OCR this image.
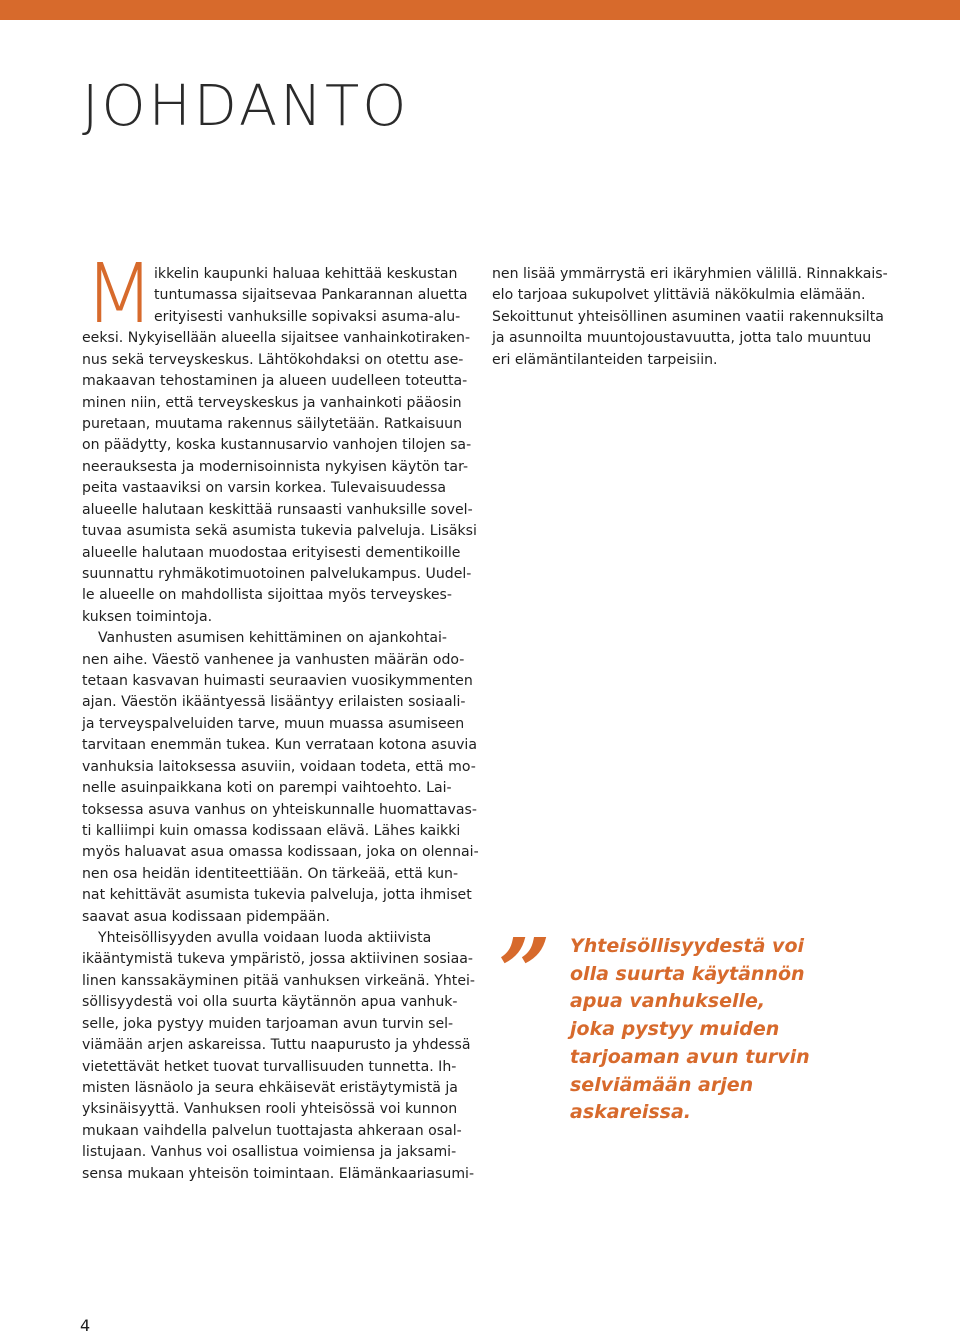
JOHDANTO
M ikkelin kaupunki haluaa kehittää keskustan
tuntumassa sijaitsevaa Pankarannan aluetta
erityisesti vanhuksille sopivaksi asuma-alu-
eeksi. Nykyisellään alueella sijaitsee vanhainkotiraken-
nus sekä terveyskeskus. Lähtökohdaksi on otettu ase-
makaavan tehostaminen ja alueen uudelleen toteutta-
minen niin, että terveyskeskus ja vanhainkoti pääosin
puretaan, muutama rakennus säilytetään. Ratkaisuun
on päädytty, koska kustannusarvio vanhojen tilojen sa-
neerauksesta ja modernisoinnista nykyisen käytön tar-
peita vastaaviksi on varsin korkea. Tulevaisuudessa
alueelle halutaan keskittää runsaasti vanhuksille sovel-
tuvaa asumista sekä asumista tukevia palveluja. Lisäksi
alueelle halutaan muodostaa erityisesti dementikoille
suunnattu ryhmäkotimuotoinen palvelukampus. Uudel-
le alueelle on mahdollista sijoittaa myös terveyskes-
kuksen toimintoja.
Vanhusten asumisen kehittäminen on ajankohtai-
nen aihe. Väestö vanhenee ja vanhusten määrän odo-
tetaan kasvavan huimasti seuraavien vuosikymmenten
ajan. Väestön ikääntyessä lisääntyy erilaisten sosiaali-
ja terveyspalveluiden tarve, muun muassa asumiseen
tarvitaan enemmän tukea. Kun verrataan kotona asuvia
vanhuksia laitoksessa asuviin, voidaan todeta, että mo-
nelle asuinpaikkana koti on parempi vaihtoehto. Lai-
toksessa asuva vanhus on yhteiskunnalle huomattavas-
ti kalliimpi kuin omassa kodissaan elävä. Lähes kaikki
myös haluavat asua omassa kodissaan, joka on olennai-
nen osa heidän identiteettiään. On tärkeää, että kun-
nat kehittävät asumista tukevia palveluja, jotta ihmiset
saavat asua kodissaan pidempään.
Yhteisöllisyyden avulla voidaan luoda aktiivista
ikääntymistä tukeva ympäristö, jossa aktiivinen sosiaa-
linen kanssakäyminen pitää vanhuksen virkeänä. Yhtei-
söllisyydestä voi olla suurta käytännön apua vanhuk-
selle, joka pystyy muiden tarjoaman avun turvin sel-
viämään arjen askareissa. Tuttu naapurusto ja yhdessä
vietettävät hetket tuovat turvallisuuden tunnetta. Ih-
misten läsnäolo ja seura ehkäisevät eristäytymistä ja
yksinäisyyttä. Vanhuksen rooli yhteisössä voi kunnon
mukaan vaihdella palvelun tuottajasta ahkeraan osal-
listujaan. Vanhus voi osallistua voimiensa ja jaksami-
sensa mukaan yhteisön toimintaan. Elämänkaariasumi-
nen lisää ymmärrystä eri ikäryhmien välillä. Rinnakkais-
elo tarjoaa sukupolvet ylittäviä näkökulmia elämään.
Sekoittunut yhteisöllinen asuminen vaatii rakennuksilta
ja asunnoilta muuntojoustavuutta, jotta talo muuntuu
eri elämäntilanteiden tarpeisiin.
” Yhteisöllisyydestä voi
olla suurta käytännön
apua vanhukselle,
joka pystyy muiden
tarjoaman avun turvin
selviämään arjen
askareissa.
4
